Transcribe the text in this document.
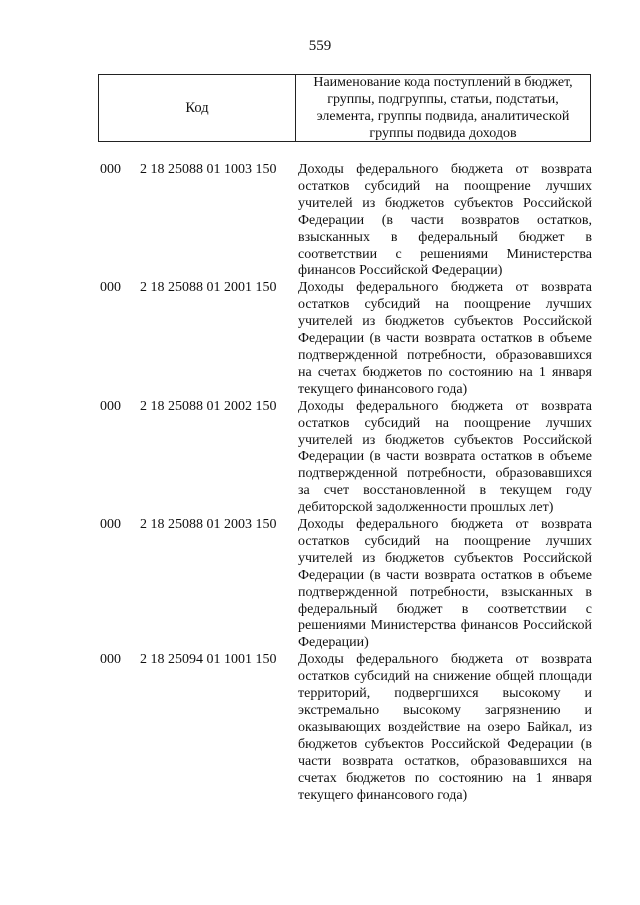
559
Код
Наименование кода поступлений в бюджет, группы, подгруппы, статьи, подстатьи, элемента, группы подвида, аналитической группы подвида доходов
000	2 18 25088 01 1003 150	Доходы федерального бюджета от возврата остатков субсидий на поощрение лучших учителей из бюджетов субъектов Российской Федерации (в части возвратов остатков, взысканных в федеральный бюджет в соответствии с решениями Министерства финансов Российской Федерации)
000	2 18 25088 01 2001 150	Доходы федерального бюджета от возврата остатков субсидий на поощрение лучших учителей из бюджетов субъектов Российской Федерации (в части возврата остатков в объеме подтвержденной потребности, образовавшихся на счетах бюджетов по состоянию на 1 января текущего финансового года)
000	2 18 25088 01 2002 150	Доходы федерального бюджета от возврата остатков субсидий на поощрение лучших учителей из бюджетов субъектов Российской Федерации (в части возврата остатков в объеме подтвержденной потребности, образовавшихся за счет восстановленной в текущем году дебиторской задолженности прошлых лет)
000	2 18 25088 01 2003 150	Доходы федерального бюджета от возврата остатков субсидий на поощрение лучших учителей из бюджетов субъектов Российской Федерации (в части возврата остатков в объеме подтвержденной потребности, взысканных в федеральный бюджет в соответствии с решениями Министерства финансов Российской Федерации)
000	2 18 25094 01 1001 150	Доходы федерального бюджета от возврата остатков субсидий на снижение общей площади территорий, подвергшихся высокому и экстремально высокому загрязнению и оказывающих воздействие на озеро Байкал, из бюджетов субъектов Российской Федерации (в части возврата остатков, образовавшихся на счетах бюджетов по состоянию на 1 января текущего финансового года)
